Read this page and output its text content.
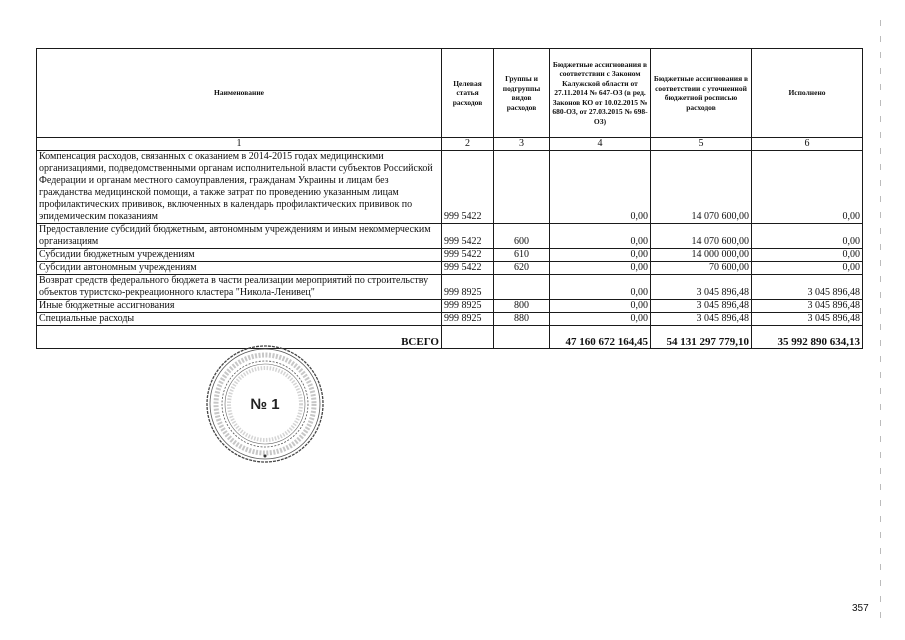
Наименование	Целевая статья расходов	Группы и подгруппы видов расходов	Бюджетные ассигнования в соответствии с Законом Калужской области от 27.11.2014 № 647-ОЗ (в ред. Законов КО от 10.02.2015 № 680-ОЗ, от 27.03.2015 № 698-ОЗ)	Бюджетные ассигнования в соответствии с уточненной бюджетной росписью расходов	Исполнено
1	2	3	4	5	6
Компенсация расходов, связанных с оказанием в 2014-2015 годах медицинскими организациями, подведомственными органам исполнительной власти субъектов Российской Федерации и органам местного самоуправления, гражданам Украины и лицам без гражданства медицинской помощи, а также затрат по проведению указанным лицам профилактических прививок, включенных в календарь профилактических прививок по эпидемическим показаниям	999 5422		0,00	14 070 600,00	0,00
Предоставление субсидий бюджетным, автономным учреждениям и иным некоммерческим организациям	999 5422	600	0,00	14 070 600,00	0,00
Субсидии бюджетным учреждениям	999 5422	610	0,00	14 000 000,00	0,00
Субсидии автономным учреждениям	999 5422	620	0,00	70 600,00	0,00
Возврат средств федерального бюджета в части реализации мероприятий по строительству объектов туристско-рекреационного кластера "Никола-Ленивец"	999 8925		0,00	3 045 896,48	3 045 896,48
Иные бюджетные ассигнования	999 8925	800	0,00	3 045 896,48	3 045 896,48
Специальные расходы	999 8925	880	0,00	3 045 896,48	3 045 896,48
ВСЕГО			47 160 672 164,45	54 131 297 779,10	35 992 890 634,13
№ 1
357
